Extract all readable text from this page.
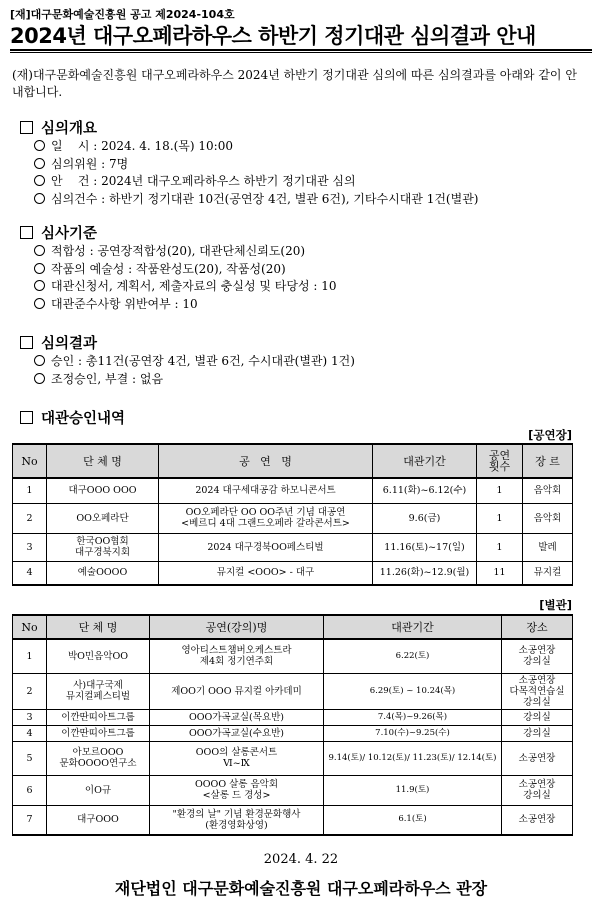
[재]대구문화예술진흥원 공고 제2024-104호
2024년 대구오페라하우스 하반기 정기대관 심의결과 안내
(재)대구문화예술진흥원 대구오페라하우스 2024년 하반기 정기대관 심의에 따른 심의결과를 아래와 같이 안내합니다.
심의개요
일    시 : 2024. 4. 18.(목) 10:00
심의위원 : 7명
안    건 : 2024년 대구오페라하우스 하반기 정기대관 심의
심의건수 : 하반기 정기대관 10건(공연장 4건, 별관 6건), 기타수시대관 1건(별관)
심사기준
적합성 : 공연장적합성(20), 대관단체신뢰도(20)
작품의 예술성 : 작품완성도(20), 작품성(20)
대관신청서, 계획서, 제출자료의 충실성 및 타당성 : 10
대관준수사항 위반여부 : 10
심의결과
승인 : 총11건(공연장 4건, 별관 6건, 수시대관(별관) 1건)
조정승인, 부결 : 없음
대관승인내역
[공연장]
No	단 체 명	공   연   명	대관기간	공연
횟수	장 르
1	대구OOO OOO	2024 대구세대공감 하모니콘서트	6.11(화)~6.12(수)	1	음악회
2	OO오페라단	OO오페라단 OO OO주년 기념 대공연
<베르디 4대 그랜드오페라 갈라콘서트>	9.6(금)	1	음악회
3	한국OO협회
대구경북지회	2024 대구경북OO페스티벌	11.16(토)~17(일)	1	발레
4	예술OOOO	뮤지컬 <OOO> - 대구	11.26(화)~12.9(월)	11	뮤지컬
[별관]
No	단 체 명	공연(강의)명	대관기간	장소
1	박O민음악OO	영아티스트챔버오케스트라
제4회 정기연주회	6.22(토)	소공연장
강의실
2	사)대구국제
뮤지컬페스티벌	제OO기 OOO 뮤지컬 아카데미	6.29(토) ~ 10.24(목)	소공연장
다목적연습실
강의실
3	이깐딴띠아트그룹	OOO가곡교실(목요반)	7.4(목)~9.26(목)	강의실
4	이깐딴띠아트그룹	OOO가곡교실(수요반)	7.10(수)~9.25(수)	강의실
5	아모르OOO
문화OOOO연구소	OOO의 살롱콘서트
Ⅵ~Ⅸ	9.14(토)/ 10.12(토)/ 11.23(토)/ 12.14(토)	소공연장
6	이O규	OOOO 살롱 음악회
<살롱 드 경성>	11.9(토)	소공연장
강의실
7	대구OOO	"환경의 날" 기념 환경문화행사
(환경영화상영)	6.1(토)	소공연장
2024. 4. 22
재단법인 대구문화예술진흥원 대구오페라하우스 관장
